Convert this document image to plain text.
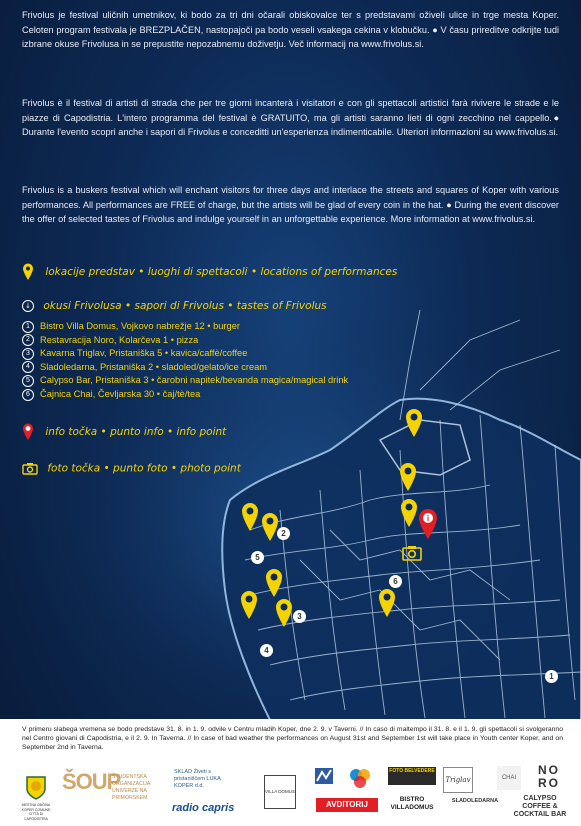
Frivolus je festival uličnih umetnikov, ki bodo za tri dni očarali obiskovalce ter s predstavami oživeli ulice in trge mesta Koper. Celoten program festivala je BREZPLAČEN, nastopajoči pa bodo veseli vsakega cekina v klobučku. ● V času prireditve odkrijte tudi izbrane okuse Frivolusa in se prepustite nepozabnemu doživetju. Več informacij na www.frivolus.si.
Frivolus è il festival di artisti di strada che per tre giorni incanterà i visitatori e con gli spettacoli artistici farà rivivere le strade e le piazze di Capodistria. L'intero programma del festival è GRATUITO, ma gli artisti saranno lieti di ogni zecchino nel cappello.● Durante l'evento scopri anche i sapori di Frivolus e conceditti un'esperienza indimenticabile. Ulteriori informazioni su www.frivolus.si.
Frivolus is a buskers festival which will enchant visitors for three days and interlace the streets and squares of Koper with various performances. All performances are FREE of charge, but the artists will be glad of every coin in the hat. ● During the event discover the offer of selected tastes of Frivolus and indulge yourself in an unforgettable experience. More information at www.frivolus.si.
i
1
2
3
4
5
6
lokacije predstav • luoghi di spettacoli • locations of performances
↓ okusi Frivolusa • sapori di Frivolus • tastes of Frivolus
1 Bistro Villa Domus, Vojkovo nabrežje 12 • burger
2 Restavracija Noro, Kolarčeva 1 • pizza
3 Kavarna Triglav, Pristaniška 5 • kavica/caffè/coffee
4 Sladoledarna, Pristaniška 2 • sladoled/gelato/ice cream
5 Calypso Bar, Pristaniška 3 • čarobni napitek/bevanda magica/magical drink
6 Čajnica Chai, Čevljarska 30 • čaj/tè/tea
info točka • punto info • info point
foto točka • punto foto • photo point
V primeru slabega vremena se bodo predstave 31. 8. in 1. 9. odvile v Centru mladih Koper, dne 2. 9. v Taverni. // In caso di maltempo il 31. 8. e il 1. 9. gli spettacoli si svolgeranno nel Centro giovani di Capodistria, e il 2. 9. In Taverna. // In case of bad weather the performances on August 31st and September 1st will take place in Youth center Koper, and on September 2nd in Taverna.
MESTNA OBČINA KOPER COMUNE CITTÀ DI CAPODISTRIA
ŠOUP
ŠTUDENTSKA ORGANIZACIJA UNIVERZE NA PRIMORSKEM
SKLAD Živeti s pristaniščem LUKA KOPER d.d.
radio capris
VILLA DOMUS
AVDITORIJ
FOTO BELVEDERE
BISTRO VILLADOMUS
Triglav
SLADOLEDARNA
CHAI
NO RO
CALYPSO COFFEE & COCKTAIL BAR
